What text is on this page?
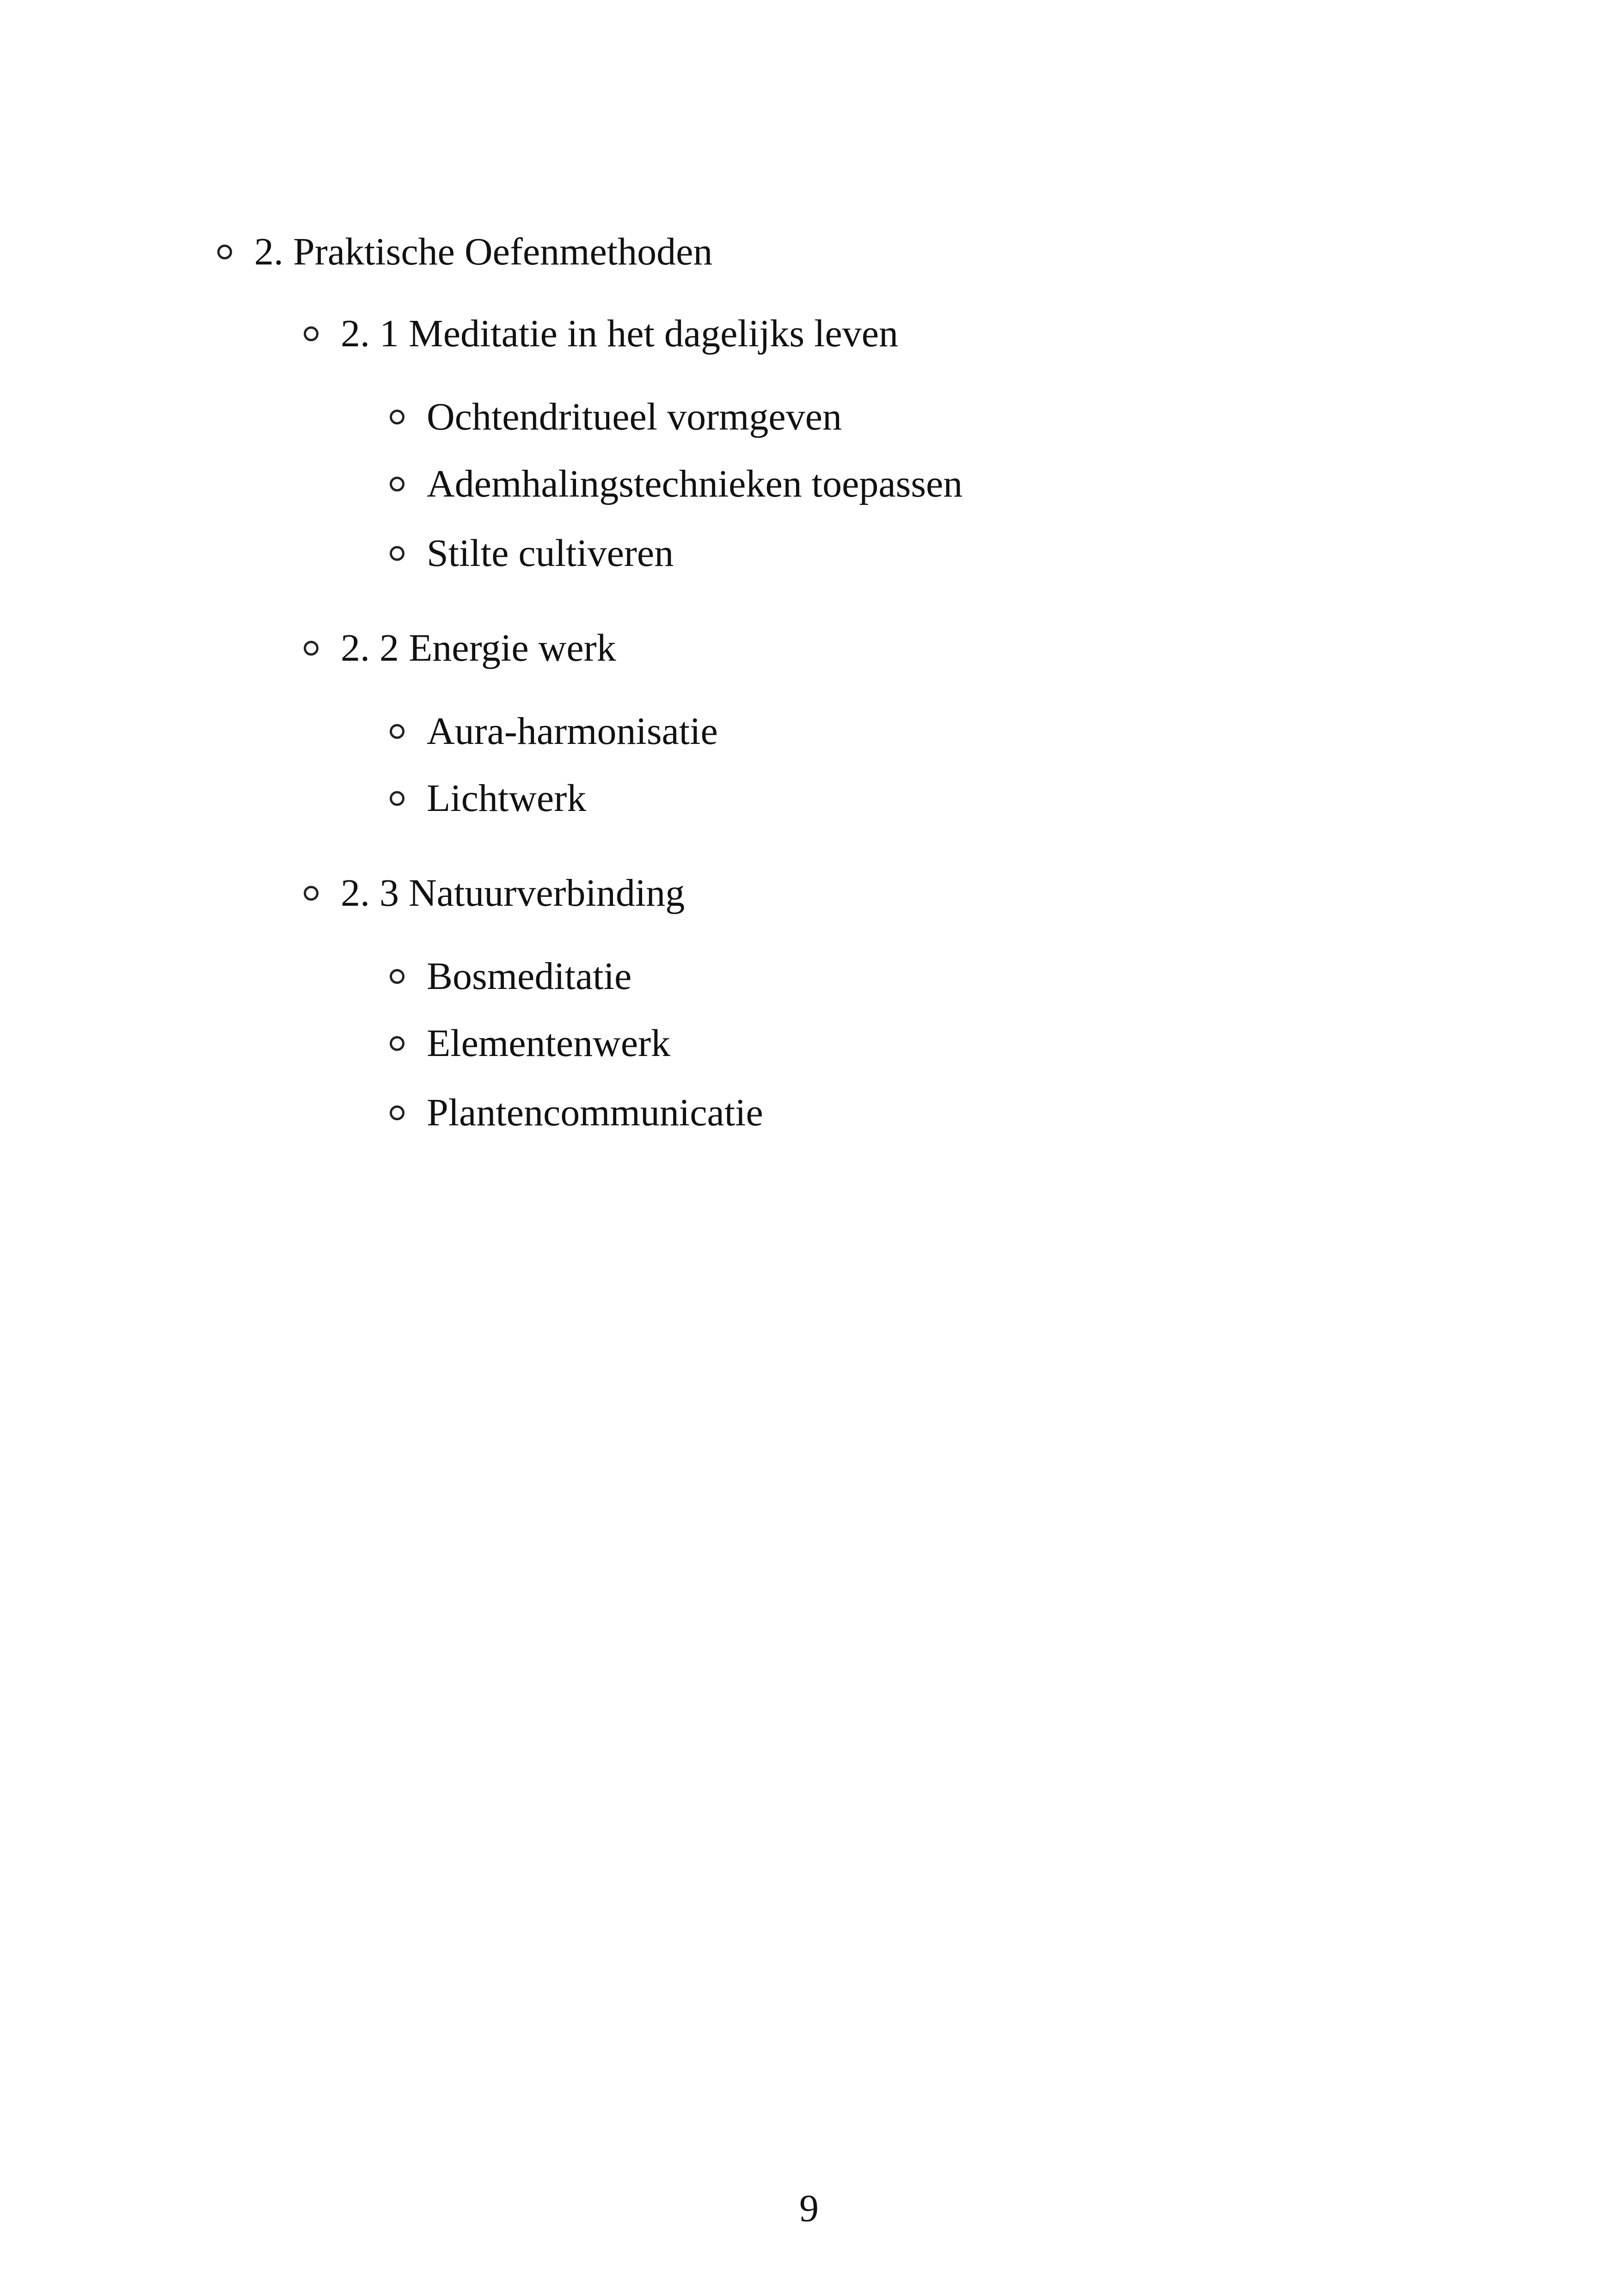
2. Praktische Oefenmethoden
2. 1 Meditatie in het dagelijks leven
Ochtendritueel vormgeven
Ademhalingstechnieken toepassen
Stilte cultiveren
2. 2 Energie werk
Aura-harmonisatie
Lichtwerk
2. 3 Natuurverbinding
Bosmeditatie
Elementenwerk
Plantencommunicatie
9
